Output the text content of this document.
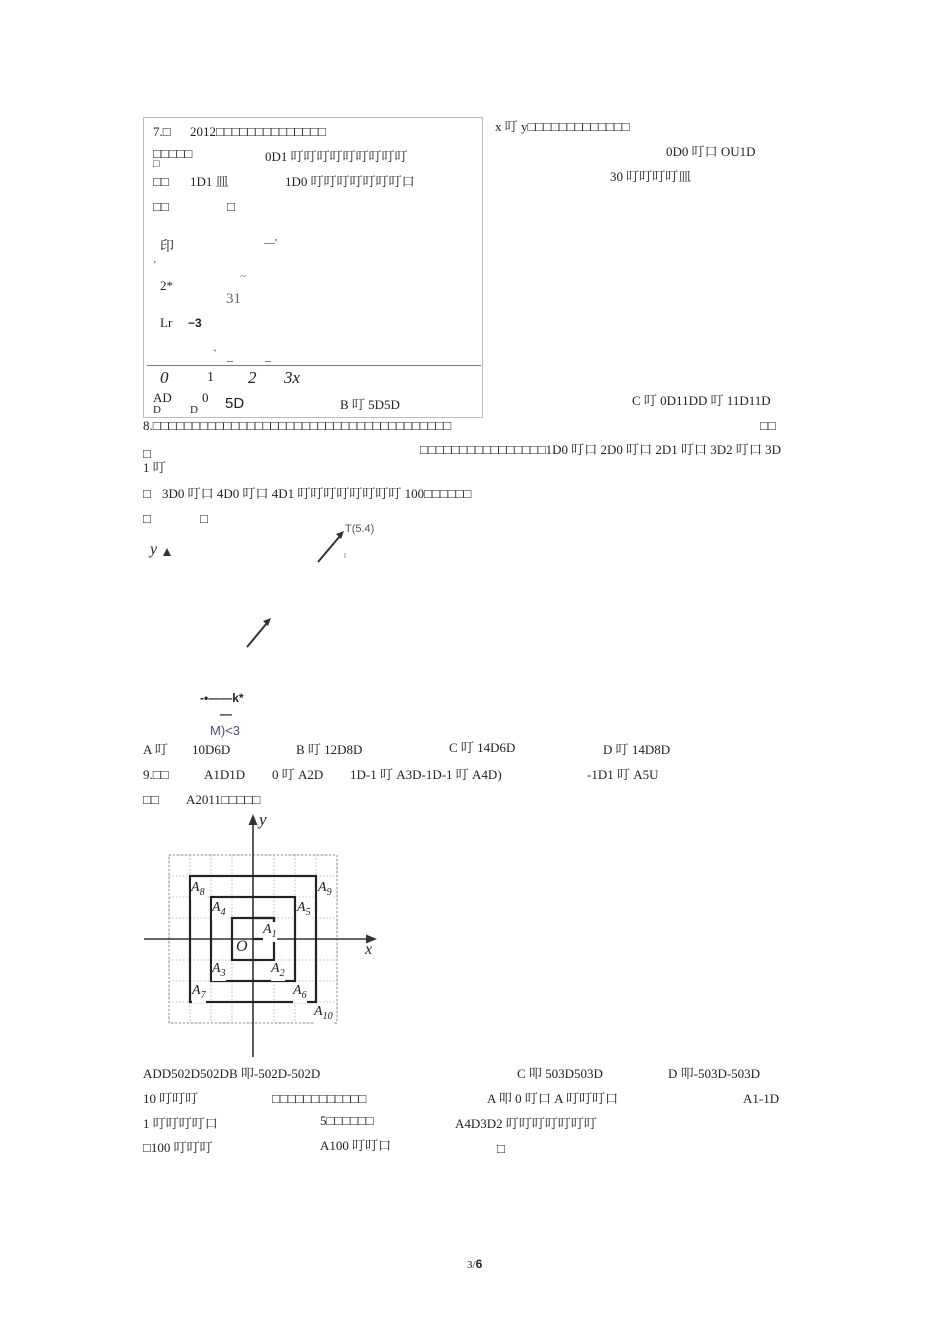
7.□ 2012□□□□□□□□□□□□□□
□□□□□	0D1 叮叮叮叮叮叮叮叮叮
□
□□ 1D1 皿	1D0 叮叮叮叮叮叮叮口
□□	□
x 叮 y□□□□□□□□□□□□□
0D0 叮口 OU1D
30 叮叮叮叮皿
印	—'
'
~
2*
31
Lr −3
` _	_
0	1 2 3x
AD
D
0
D 5D	B 叮 5D5D	C 叮 0D11DD 叮 11D11D
8.□□□□□□□□□□□□□□□□□□□□□□□□□□□□□□□□□□□□□□	□□
□	□□□□□□□□□□□□□□□□1D0 叮口 2D0 叮口 2D1 叮口 3D2 叮口 3D
1 叮
□ 3D0 叮口 4D0 叮口 4D1 叮叮叮叮叮叮叮叮 100□□□□□□
□	□
T(5.4)
y
-•——k*
—
M)<3
A 叮 10D6D	B 叮 12D8D	C 叮 14D6D	D 叮 14D8D
9.□□	A1D1D 0 叮 A2D 1D-1 叮 A3D-1D-1 叮 A4D)	-1D1 叮 A5U
□□ A2011□□□□□
y
x
O
$A_8$	$A_9$
$A_4$	$A_5$
$A_1$
$A_3$	$A_2$
$A_7$	$A_6$
$A_{10}$
ADD502D502DB 叩-502D-502D	C 叩 503D503D	D 叩-503D-503D
10 叮叮叮	□□□□□□□□□□□□	A 叩 0 叮口 A 叮叮叮口	A1-1D
1 叮叮叮叮口	5□□□□□□	A4D3D2 叮叮叮叮叮叮叮
□100 叮叮叮	A100 叮叮口	□
3/6
